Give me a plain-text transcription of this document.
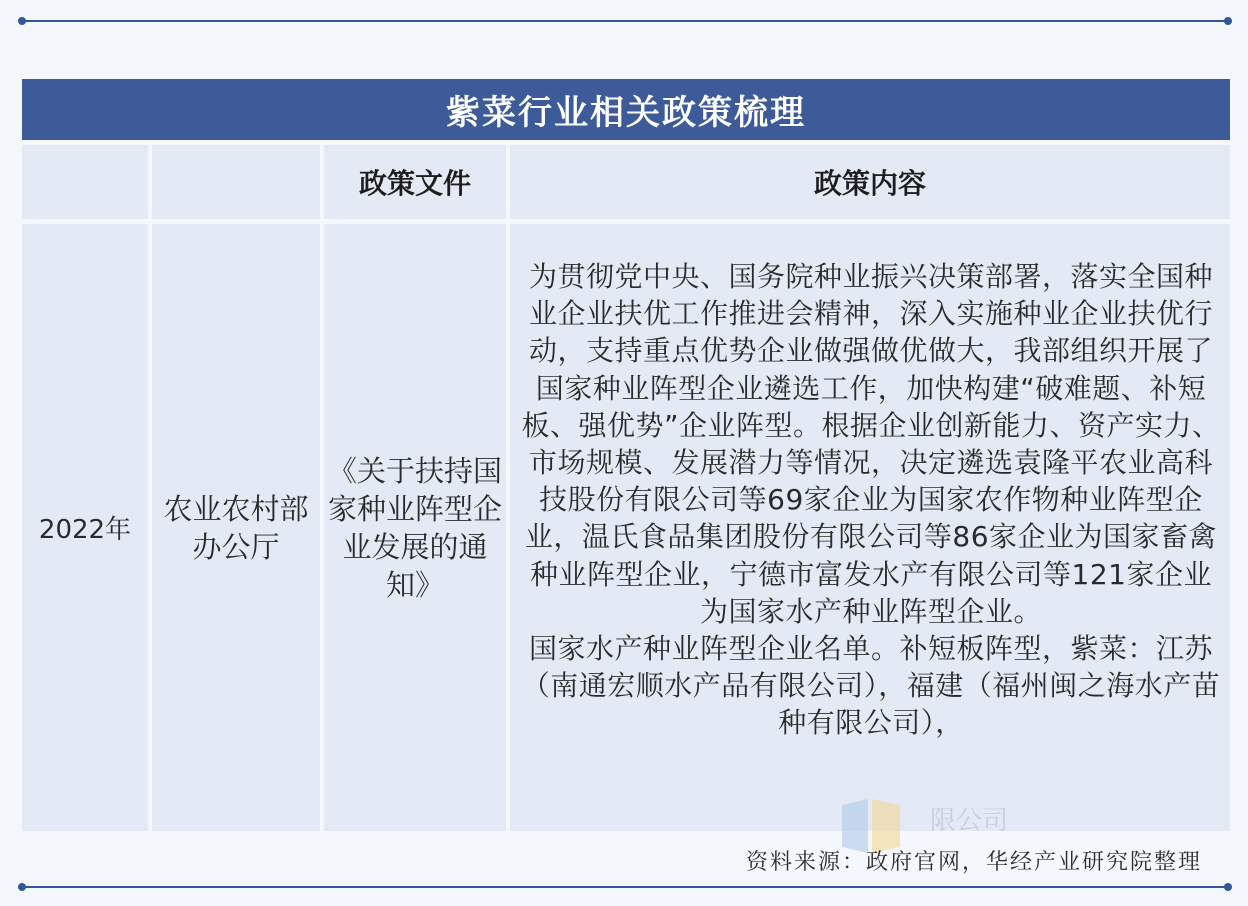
紫菜行业相关政策梳理
政策文件	政策内容
2022年
农业农村部办公厅
《关于扶持国家种业阵型企业发展的通知》

为贯彻党中央、国务院种业振兴决策部署，落实全国种业企业扶优工作推进会精神，深入实施种业企业扶优行动，支持重点优势企业做强做优做大，我部组织开展了国家种业阵型企业遴选工作，加快构建“破难题、补短板、强优势”企业阵型。根据企业创新能力、资产实力、市场规模、发展潜力等情况，决定遴选袁隆平农业高科技股份有限公司等69家企业为国家农作物种业阵型企业，温氏食品集团股份有限公司等86家企业为国家畜禽种业阵型企业，宁德市富发水产有限公司等121家企业为国家水产种业阵型企业。

国家水产种业阵型企业名单。补短板阵型，紫菜：江苏（南通宏顺水产品有限公司），福建（福州闽之海水产苗种有限公司），

限公司
资料来源：政府官网，华经产业研究院整理
